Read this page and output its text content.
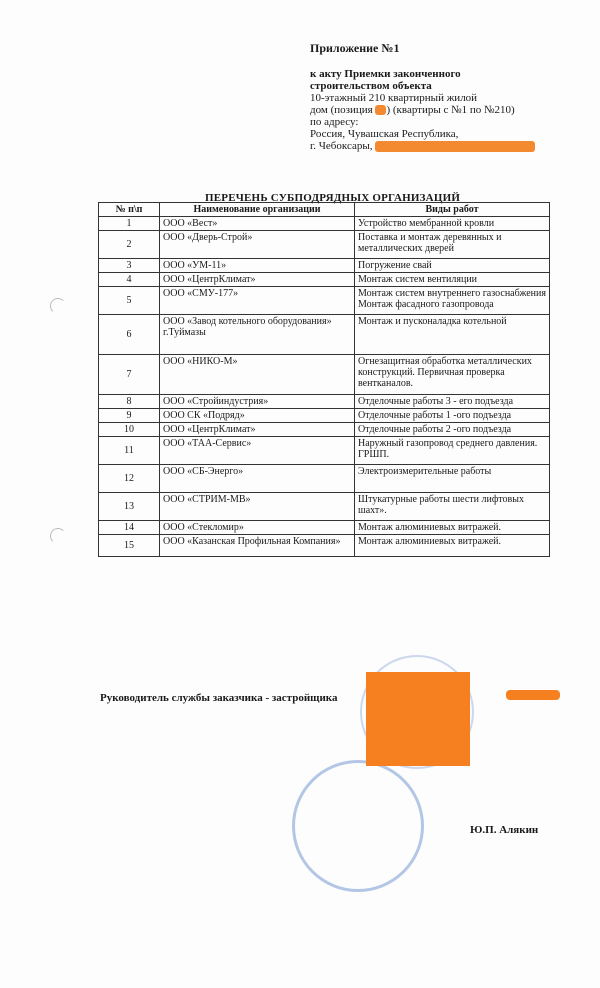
Приложение №1
к акту Приемки законченного
строительством объекта
10-этажный 210 квартирный жилой
дом (позиция ) (квартиры с №1 по №210)
по адресу:
Россия, Чувашская Республика,
г. Чебоксары,
ПЕРЕЧЕНЬ СУБПОДРЯДНЫХ ОРГАНИЗАЦИЙ
№ п\п	Наименование организации	Виды работ
1	ООО «Вест»	Устройство мембранной кровли
2	ООО «Дверь-Строй»	Поставка и монтаж деревянных и металлических дверей
3	ООО «УМ-11»	Погружение свай
4	ООО «ЦентрКлимат»	Монтаж систем вентиляции
5	ООО «СМУ-177»	Монтаж систем внутреннего газоснабжения Монтаж фасадного газопровода
6	ООО «Завод котельного оборудования» г.Туймазы	Монтаж и пусконаладка котельной
7	ООО «НИКО-М»	Огнезащитная обработка металлических конструкций. Первичная проверка вентканалов.
8	ООО «Стройиндустрия»	Отделочные работы 3 - его подъезда
9	ООО СК «Подряд»	Отделочные работы 1 -ого подъезда
10	ООО «ЦентрКлимат»	Отделочные работы 2 -ого подъезда
11	ООО «ТАА-Сервис»	Наружный газопровод среднего давления. ГРШП.
12	ООО «СБ-Энерго»	Электроизмерительные работы
13	ООО «СТРИМ-МВ»	Штукатурные работы шести лифтовых шахт».
14	ООО «Стекломир»	Монтаж алюминиевых витражей.
15	ООО «Казанская Профильная Компания»	Монтаж алюминиевых витражей.
Руководитель службы заказчика - застройщика
Ю.П. Алякин
